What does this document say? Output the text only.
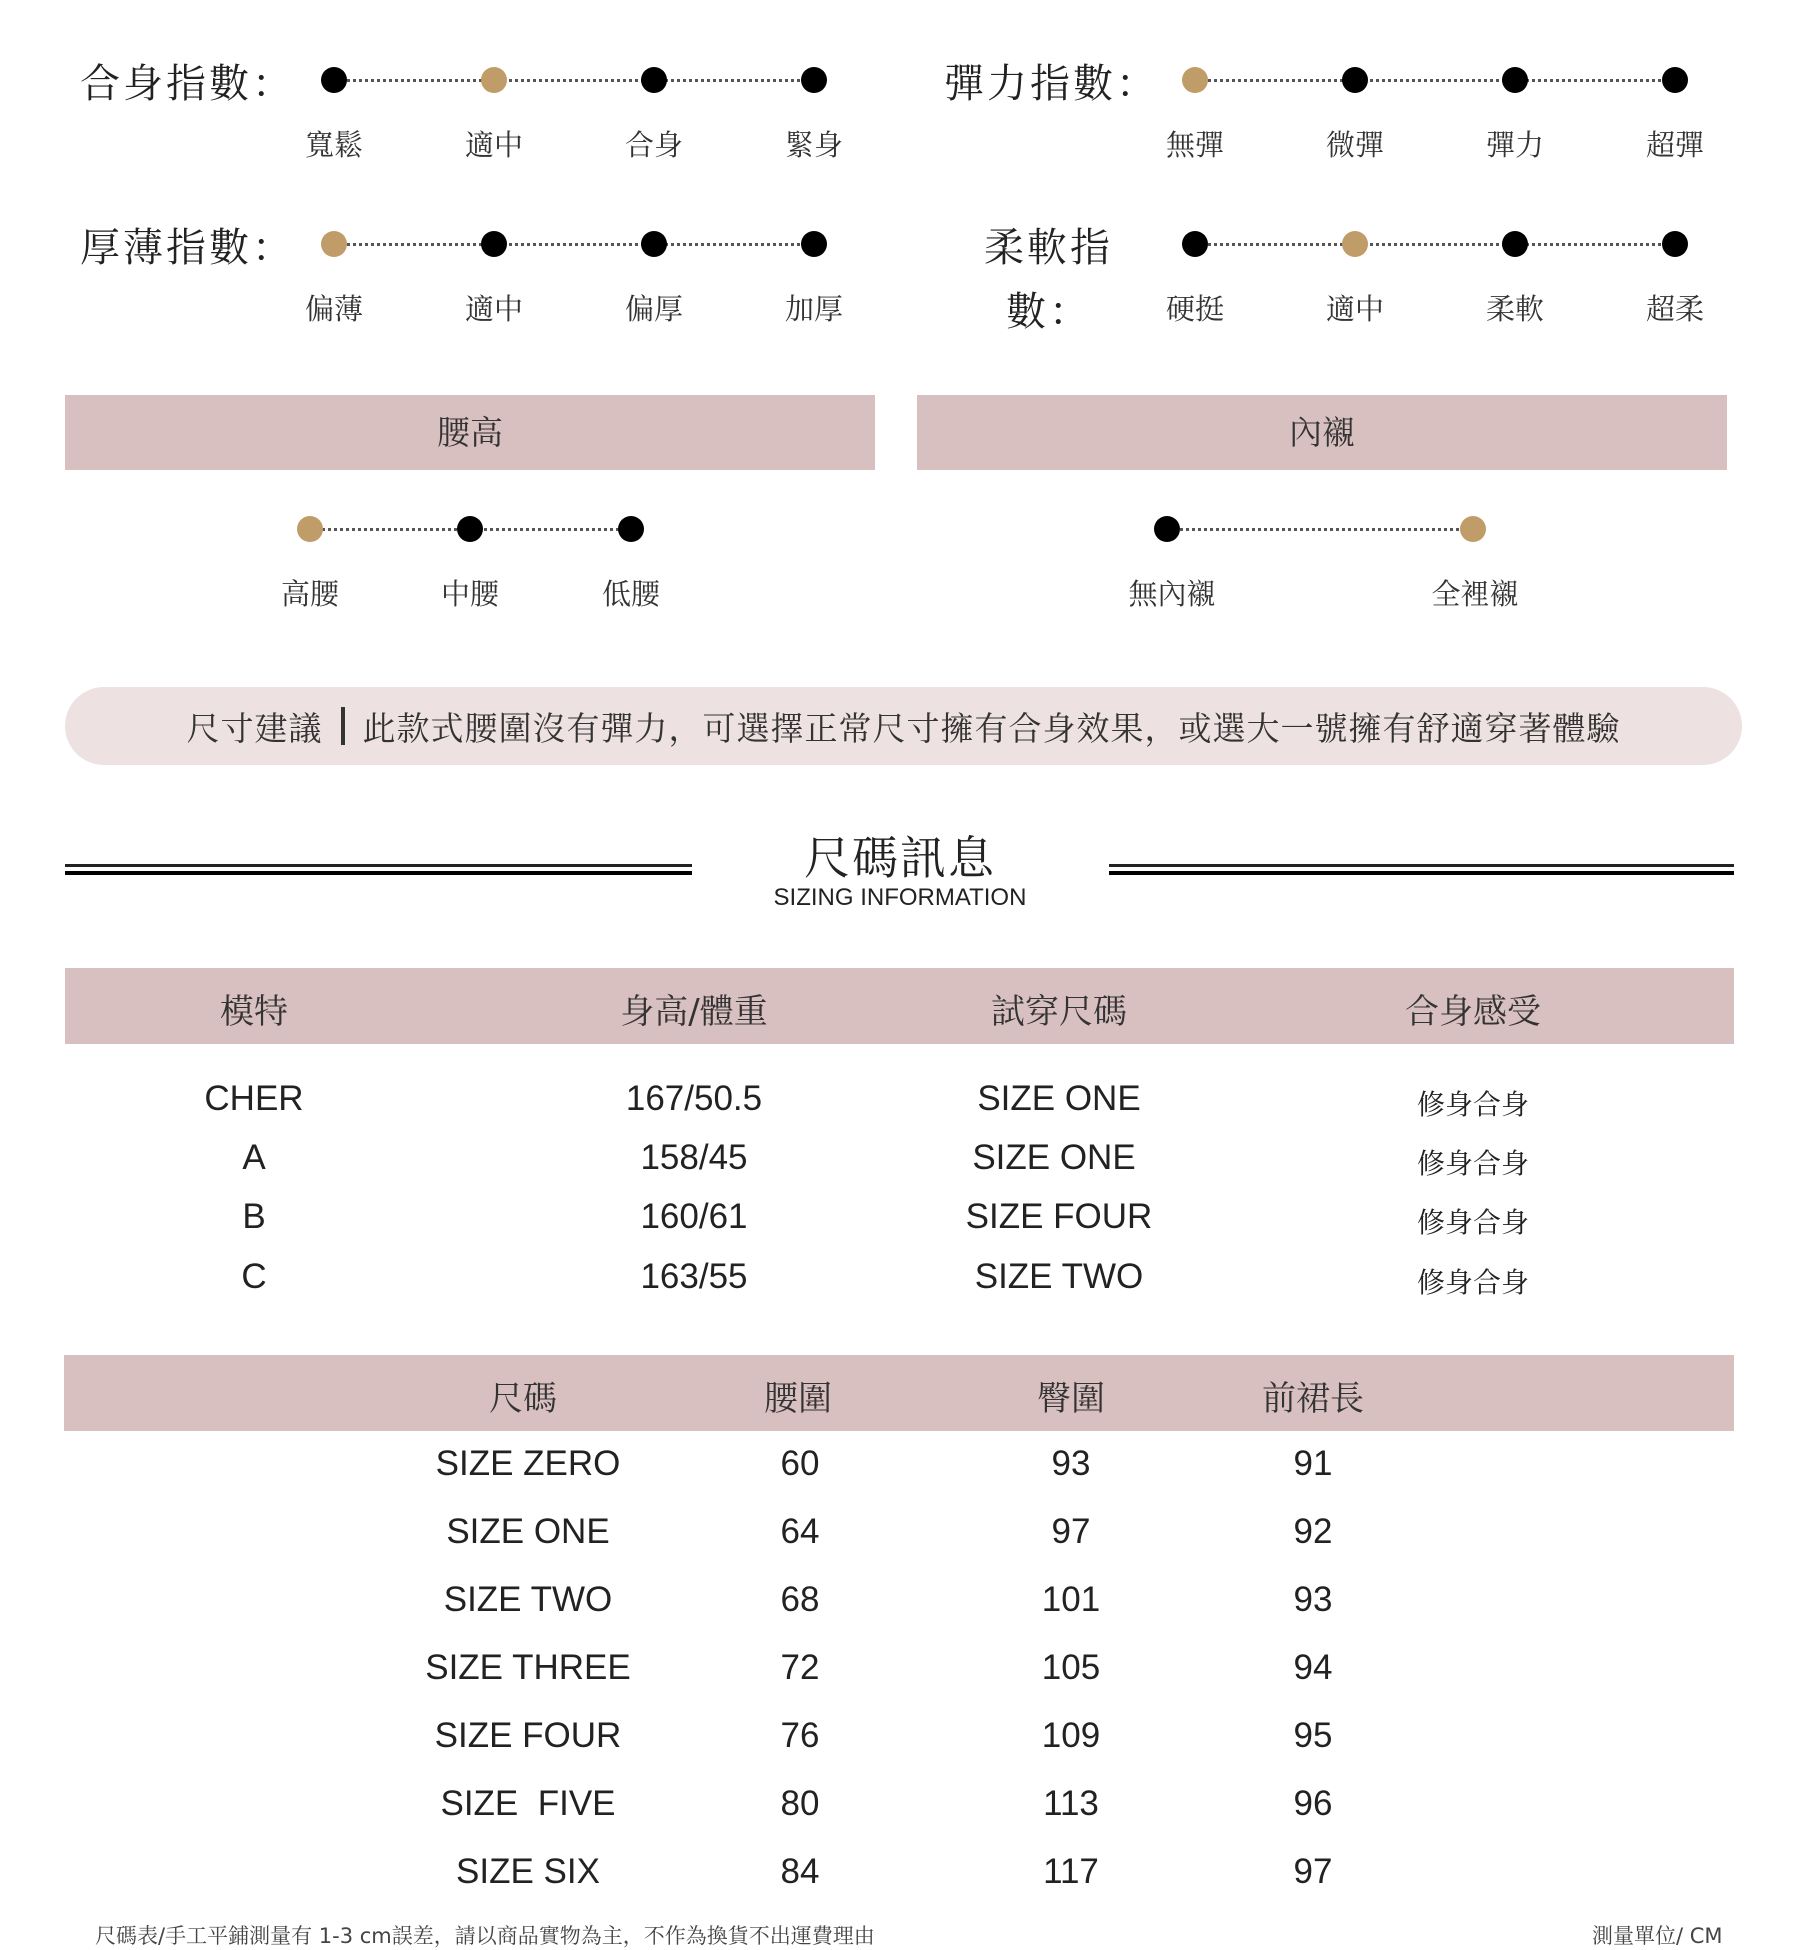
合身指數：
寬鬆	適中	合身	緊身
彈力指數：
無彈	微彈	彈力	超彈
厚薄指數：
偏薄	適中	偏厚	加厚
柔軟指
數：	硬挺	適中	柔軟	超柔
腰高	內襯
高腰	中腰	低腰	無內襯	全裡襯
尺寸建議 此款式腰圍沒有彈力，可選擇正常尺寸擁有合身效果，或選大一號擁有舒適穿著體驗
尺碼訊息
SIZING INFORMATION
模特	身高/體重	試穿尺碼	合身感受
CHER	167/50.5	SIZE ONE	修身合身
A	158/45	SIZE ONE	修身合身
B	160/61	SIZE FOUR	修身合身
C	163/55	SIZE TWO	修身合身
尺碼	腰圍	臀圍	前裙長
SIZE ZERO	60	93	91
SIZE ONE	64	97	92
SIZE TWO	68	101	93
SIZE THREE	72	105	94
SIZE FOUR	76	109	95
SIZE  FIVE	80	113	96
SIZE SIX	84	117	97
尺碼表/手工平鋪測量有 1-3 cm誤差，請以商品實物為主，不作為換貨不出運費理由	測量單位/ CM
